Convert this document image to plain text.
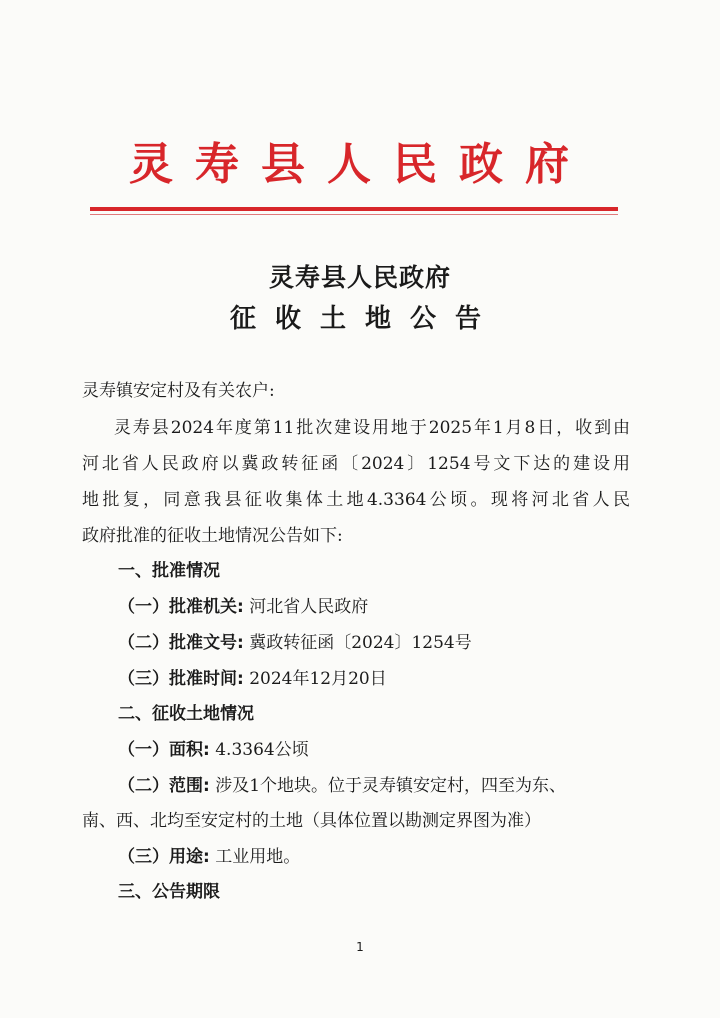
灵寿县人民政府
灵寿县人民政府
征收土地公告
灵寿镇安定村及有关农户:
灵寿县2024年度第11批次建设用地于2025年1月8日，收到由
河北省人民政府以冀政转征函〔2024〕1254号文下达的建设用
地批复，同意我县征收集体土地4.3364公顷。现将河北省人民
政府批准的征收土地情况公告如下:
一、批准情况
（一）批准机关: 河北省人民政府
（二）批准文号: 冀政转征函〔2024〕1254号
（三）批准时间: 2024年12月20日
二、征收土地情况
（一）面积: 4.3364公顷
（二）范围: 涉及1个地块。位于灵寿镇安定村，四至为东、
南、西、北均至安定村的土地（具体位置以勘测定界图为准）
（三）用途: 工业用地。
三、公告期限
1
